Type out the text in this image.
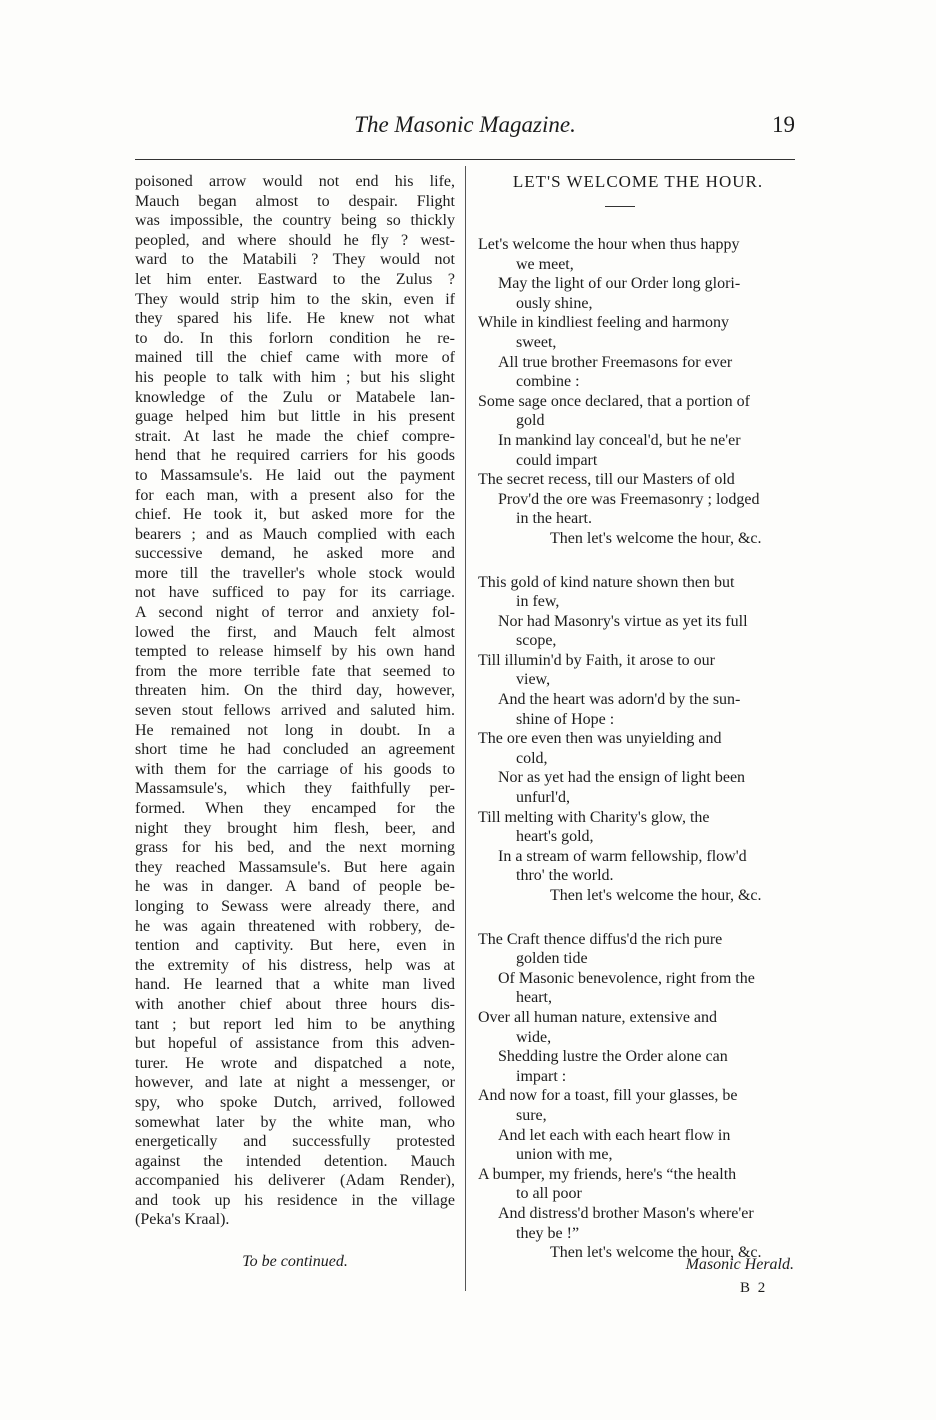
The Masonic Magazine.	19
poisoned arrow would not end his life,
Mauch began almost to despair. Flight
was impossible, the country being so thickly
peopled, and where should he fly ? west-
ward to the Matabili ? They would not
let him enter. Eastward to the Zulus ?
They would strip him to the skin, even if
they spared his life. He knew not what
to do. In this forlorn condition he re-
mained till the chief came with more of
his people to talk with him ; but his slight
knowledge of the Zulu or Matabele lan-
guage helped him but little in his present
strait. At last he made the chief compre-
hend that he required carriers for his goods
to Massamsule's. He laid out the payment
for each man, with a present also for the
chief. He took it, but asked more for the
bearers ; and as Mauch complied with each
successive demand, he asked more and
more till the traveller's whole stock would
not have sufficed to pay for its carriage.
A second night of terror and anxiety fol-
lowed the first, and Mauch felt almost
tempted to release himself by his own hand
from the more terrible fate that seemed to
threaten him. On the third day, however,
seven stout fellows arrived and saluted him.
He remained not long in doubt. In a
short time he had concluded an agreement
with them for the carriage of his goods to
Massamsule's, which they faithfully per-
formed. When they encamped for the
night they brought him flesh, beer, and
grass for his bed, and the next morning
they reached Massamsule's. But here again
he was in danger. A band of people be-
longing to Sewass were already there, and
he was again threatened with robbery, de-
tention and captivity. But here, even in
the extremity of his distress, help was at
hand. He learned that a white man lived
with another chief about three hours dis-
tant ; but report led him to be anything
but hopeful of assistance from this adven-
turer. He wrote and dispatched a note,
however, and late at night a messenger, or
spy, who spoke Dutch, arrived, followed
somewhat later by the white man, who
energetically and successfully protested
against the intended detention. Mauch
accompanied his deliverer (Adam Render),
and took up his residence in the village
(Peka's Kraal).
To be continued.
LET'S WELCOME THE HOUR.
Let's welcome the hour when thus happy
we meet,
May the light of our Order long glori-
ously shine,
While in kindliest feeling and harmony
sweet,
All true brother Freemasons for ever
combine :
Some sage once declared, that a portion of
gold
In mankind lay conceal'd, but he ne'er
could impart
The secret recess, till our Masters of old
Prov'd the ore was Freemasonry ; lodged
in the heart.
Then let's welcome the hour, &c.
This gold of kind nature shown then but
in few,
Nor had Masonry's virtue as yet its full
scope,
Till illumin'd by Faith, it arose to our
view,
And the heart was adorn'd by the sun-
shine of Hope :
The ore even then was unyielding and
cold,
Nor as yet had the ensign of light been
unfurl'd,
Till melting with Charity's glow, the
heart's gold,
In a stream of warm fellowship, flow'd
thro' the world.
Then let's welcome the hour, &c.
The Craft thence diffus'd the rich pure
golden tide
Of Masonic benevolence, right from the
heart,
Over all human nature, extensive and
wide,
Shedding lustre the Order alone can
impart :
And now for a toast, fill your glasses, be
sure,
And let each with each heart flow in
union with me,
A bumper, my friends, here's “the health
to all poor
And distress'd brother Mason's where'er
they be !”
Then let's welcome the hour, &c.
Masonic Herald.
B 2
